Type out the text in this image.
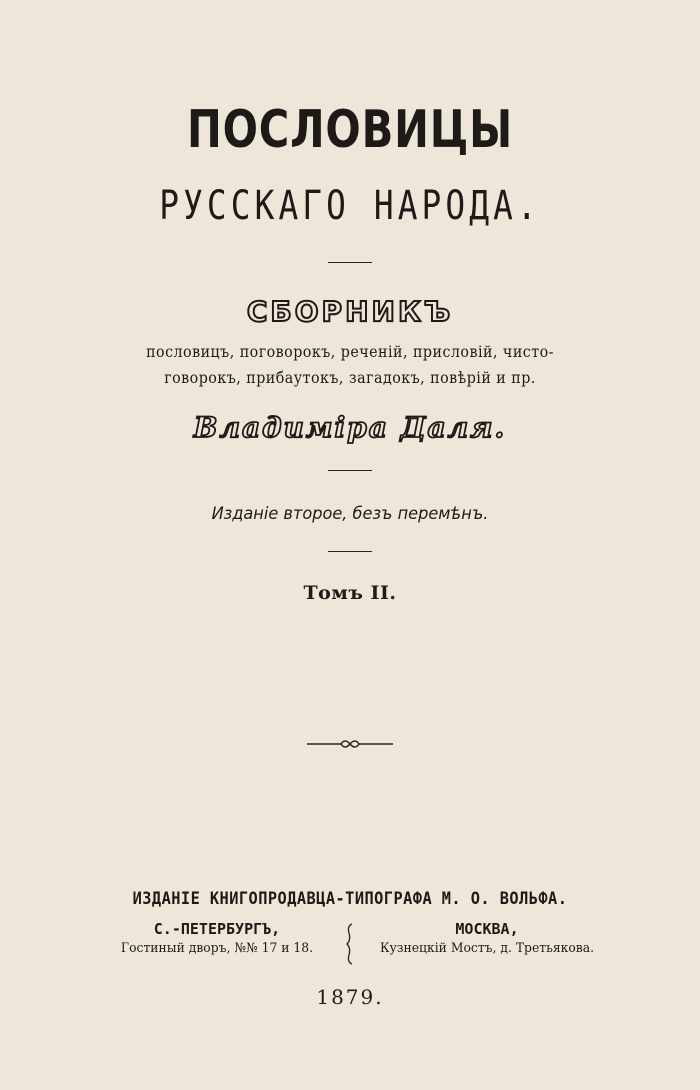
ПОСЛОВИЦЫ
РУССКАГО НАРОДА.
СБОРНИКЪ
пословицъ, поговорокъ, реченій, присловій, чисто-
говорокъ, прибаутокъ, загадокъ, повѣрій и пр.
Владиміра Даля.
Изданіе второе, безъ перемѣнъ.
Томъ II.
ИЗДАНІЕ КНИГОПРОДАВЦА-ТИПОГРАФА М. О. ВОЛЬФА.
С.-ПЕТЕРБУРГЪ,
Гостиный дворъ, №№ 17 и 18.
МОСКВА,
Кузнецкій Мостъ, д. Третьякова.
1879.
